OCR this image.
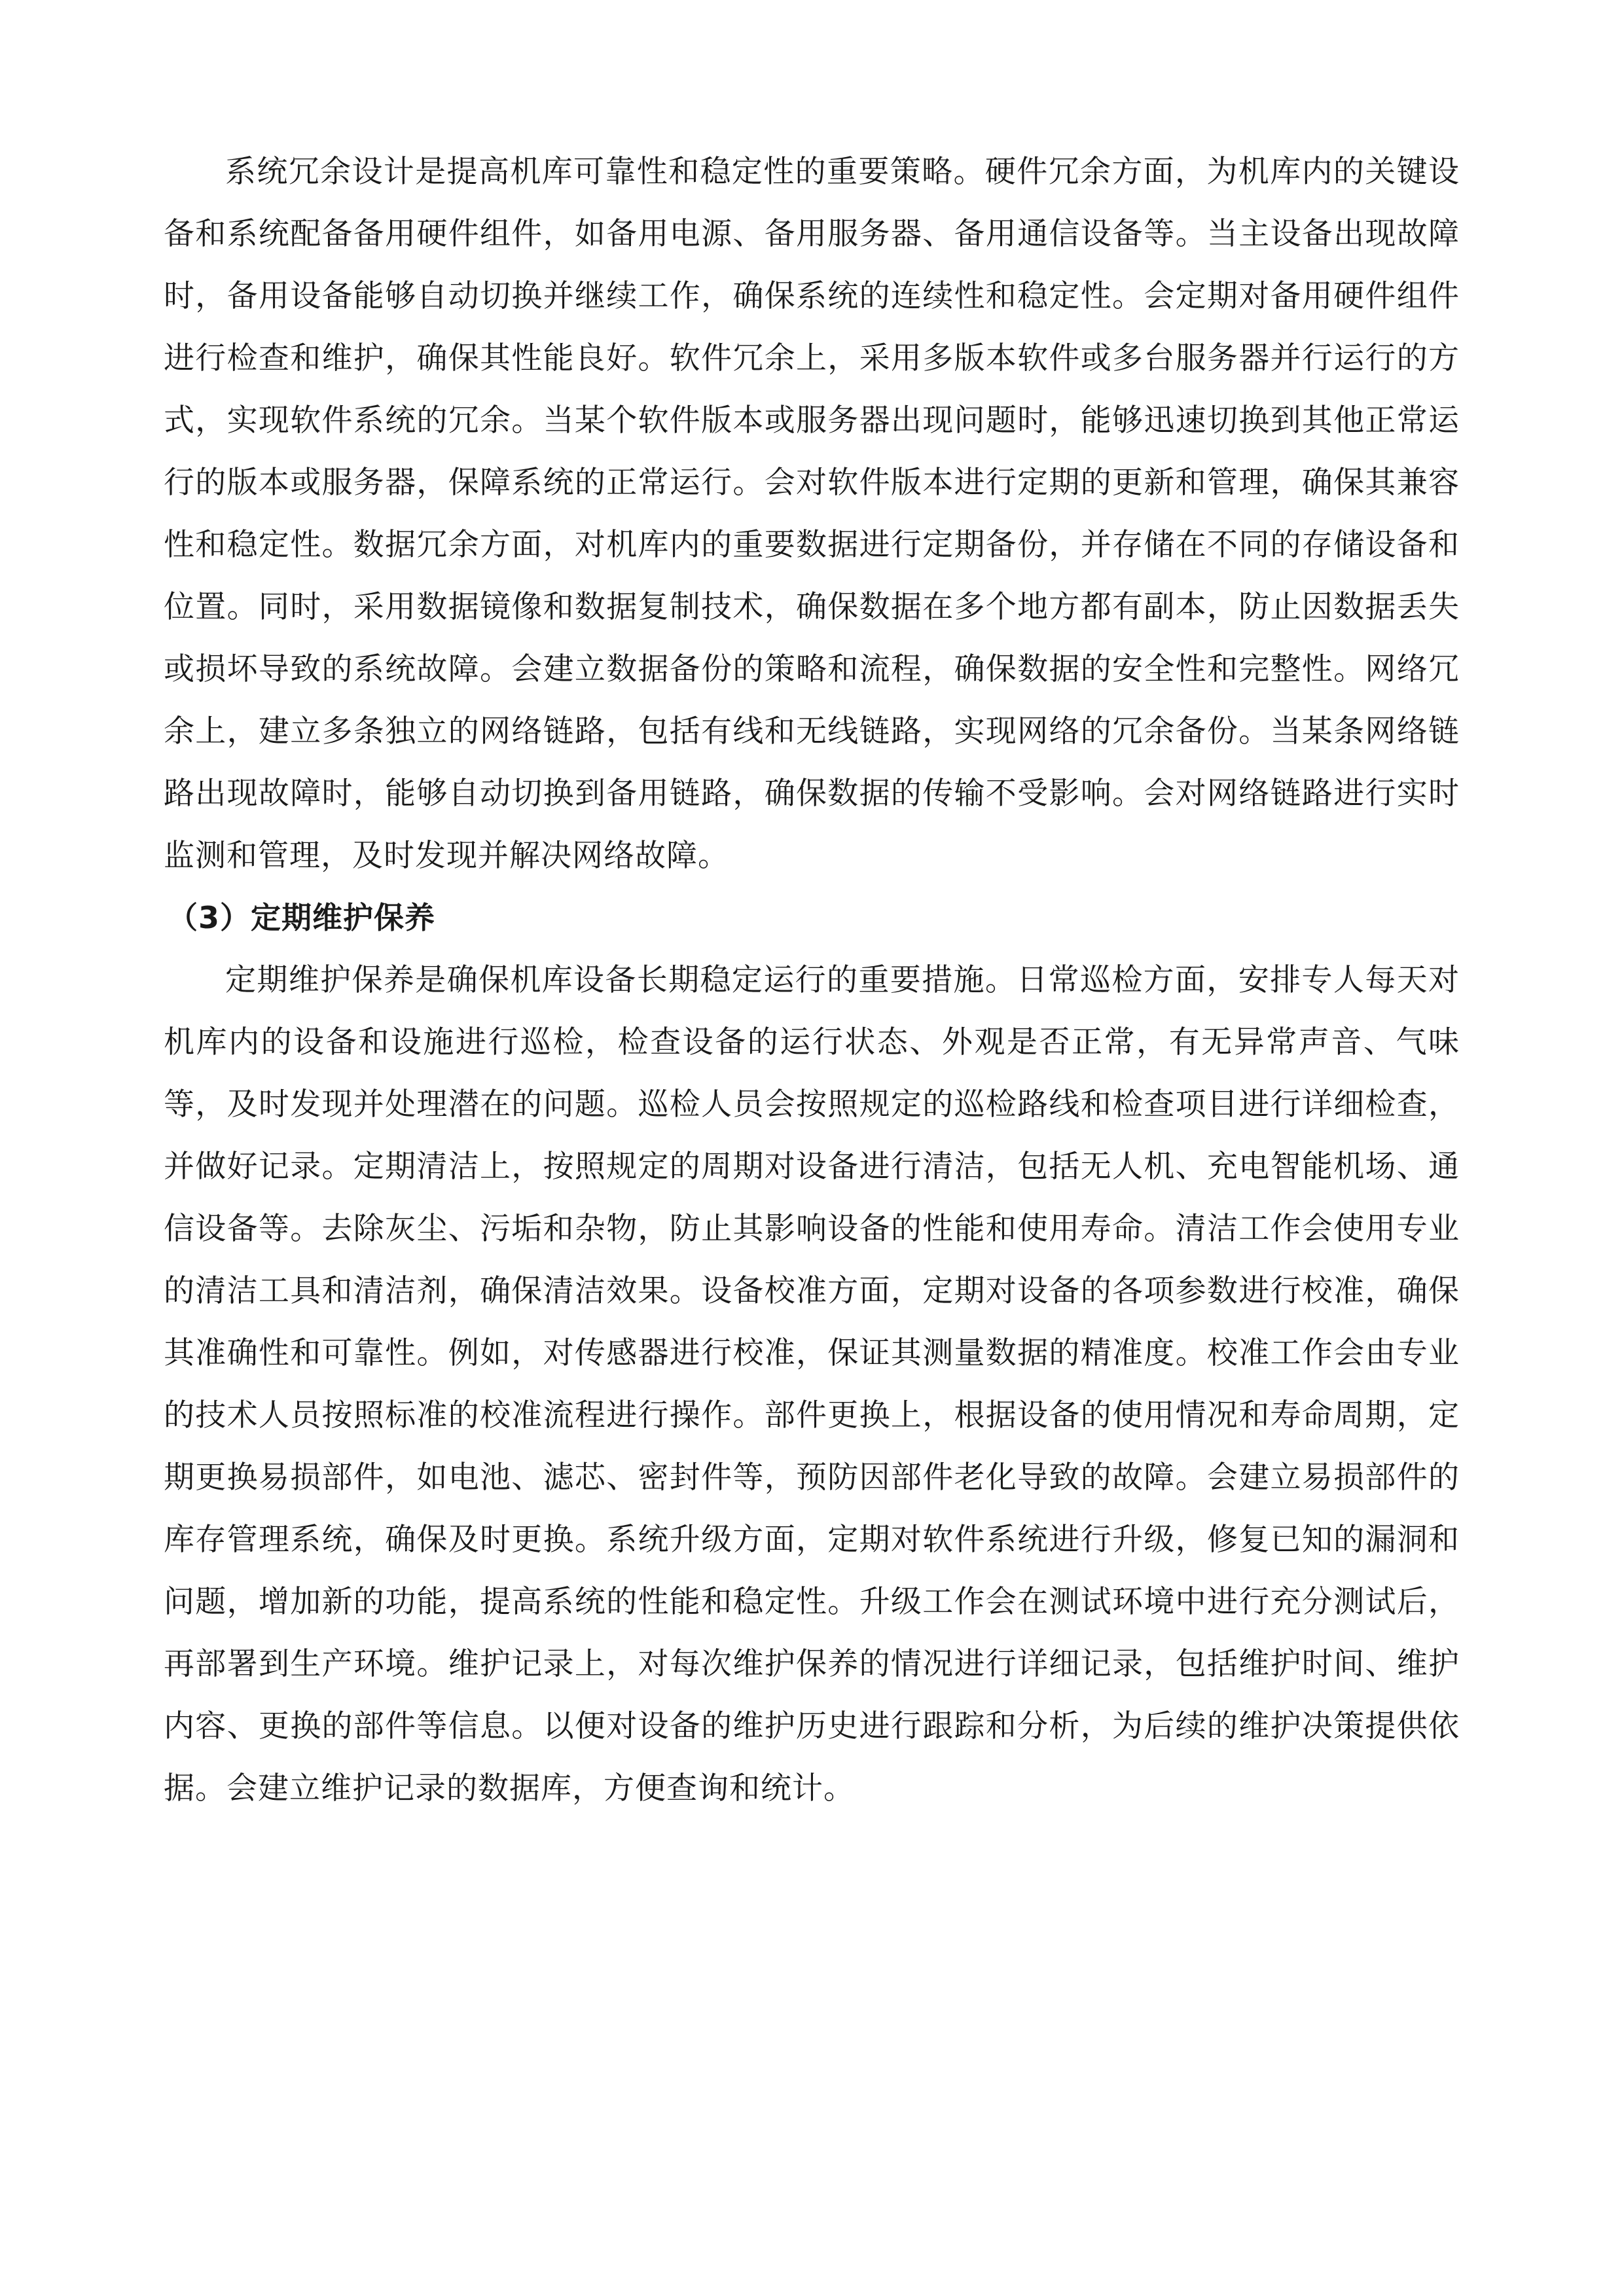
系统冗余设计是提高机库可靠性和稳定性的重要策略。硬件冗余方面，为机库内的关键设备和系统配备备用硬件组件，如备用电源、备用服务器、备用通信设备等。当主设备出现故障时，备用设备能够自动切换并继续工作，确保系统的连续性和稳定性。会定期对备用硬件组件进行检查和维护，确保其性能良好。软件冗余上，采用多版本软件或多台服务器并行运行的方式，实现软件系统的冗余。当某个软件版本或服务器出现问题时，能够迅速切换到其他正常运行的版本或服务器，保障系统的正常运行。会对软件版本进行定期的更新和管理，确保其兼容性和稳定性。数据冗余方面，对机库内的重要数据进行定期备份，并存储在不同的存储设备和位置。同时，采用数据镜像和数据复制技术，确保数据在多个地方都有副本，防止因数据丢失或损坏导致的系统故障。会建立数据备份的策略和流程，确保数据的安全性和完整性。网络冗余上，建立多条独立的网络链路，包括有线和无线链路，实现网络的冗余备份。当某条网络链路出现故障时，能够自动切换到备用链路，确保数据的传输不受影响。会对网络链路进行实时监测和管理，及时发现并解决网络故障。

（3）定期维护保养

定期维护保养是确保机库设备长期稳定运行的重要措施。日常巡检方面，安排专人每天对机库内的设备和设施进行巡检，检查设备的运行状态、外观是否正常，有无异常声音、气味等，及时发现并处理潜在的问题。巡检人员会按照规定的巡检路线和检查项目进行详细检查，并做好记录。定期清洁上，按照规定的周期对设备进行清洁，包括无人机、充电智能机场、通信设备等。去除灰尘、污垢和杂物，防止其影响设备的性能和使用寿命。清洁工作会使用专业的清洁工具和清洁剂，确保清洁效果。设备校准方面，定期对设备的各项参数进行校准，确保其准确性和可靠性。例如，对传感器进行校准，保证其测量数据的精准度。校准工作会由专业的技术人员按照标准的校准流程进行操作。部件更换上，根据设备的使用情况和寿命周期，定期更换易损部件，如电池、滤芯、密封件等，预防因部件老化导致的故障。会建立易损部件的库存管理系统，确保及时更换。系统升级方面，定期对软件系统进行升级，修复已知的漏洞和问题，增加新的功能，提高系统的性能和稳定性。升级工作会在测试环境中进行充分测试后，再部署到生产环境。维护记录上，对每次维护保养的情况进行详细记录，包括维护时间、维护内容、更换的部件等信息。以便对设备的维护历史进行跟踪和分析，为后续的维护决策提供依据。会建立维护记录的数据库，方便查询和统计。
